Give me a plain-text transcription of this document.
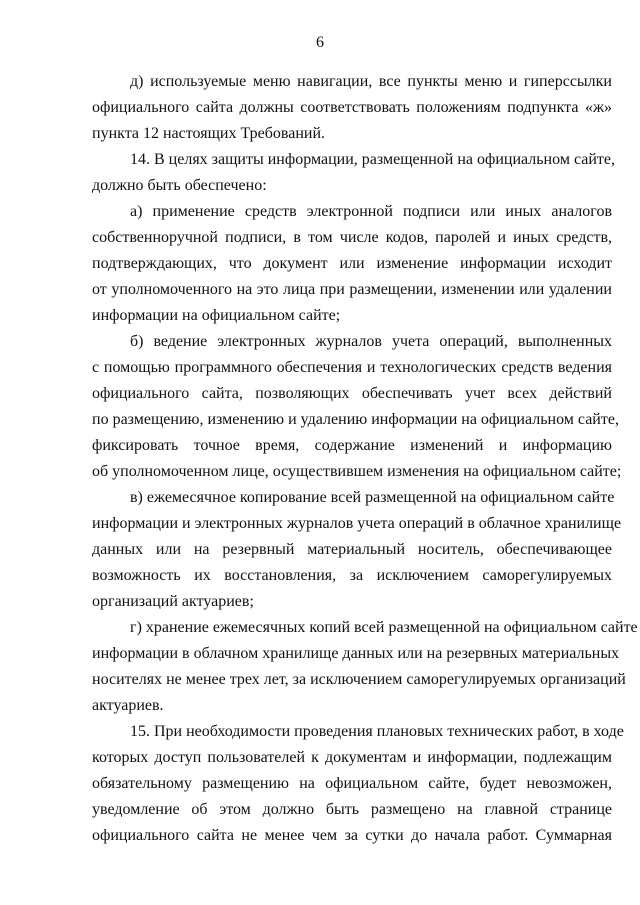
6
д) используемые меню навигации, все пункты меню и гиперссылки
официального сайта должны соответствовать положениям подпункта «ж»
пункта 12 настоящих Требований.
14. В целях защиты информации, размещенной на официальном сайте,
должно быть обеспечено:
а) применение средств электронной подписи или иных аналогов
собственноручной подписи, в том числе кодов, паролей и иных средств,
подтверждающих, что документ или изменение информации исходит
от уполномоченного на это лица при размещении, изменении или удалении
информации на официальном сайте;
б) ведение электронных журналов учета операций, выполненных
с помощью программного обеспечения и технологических средств ведения
официального сайта, позволяющих обеспечивать учет всех действий
по размещению, изменению и удалению информации на официальном сайте,
фиксировать точное время, содержание изменений и информацию
об уполномоченном лице, осуществившем изменения на официальном сайте;
в) ежемесячное копирование всей размещенной на официальном сайте
информации и электронных журналов учета операций в облачное хранилище
данных или на резервный материальный носитель, обеспечивающее
возможность их восстановления, за исключением саморегулируемых
организаций актуариев;
г) хранение ежемесячных копий всей размещенной на официальном сайте
информации в облачном хранилище данных или на резервных материальных
носителях не менее трех лет, за исключением саморегулируемых организаций
актуариев.
15. При необходимости проведения плановых технических работ, в ходе
которых доступ пользователей к документам и информации, подлежащим
обязательному размещению на официальном сайте, будет невозможен,
уведомление об этом должно быть размещено на главной странице
официального сайта не менее чем за сутки до начала работ. Суммарная
